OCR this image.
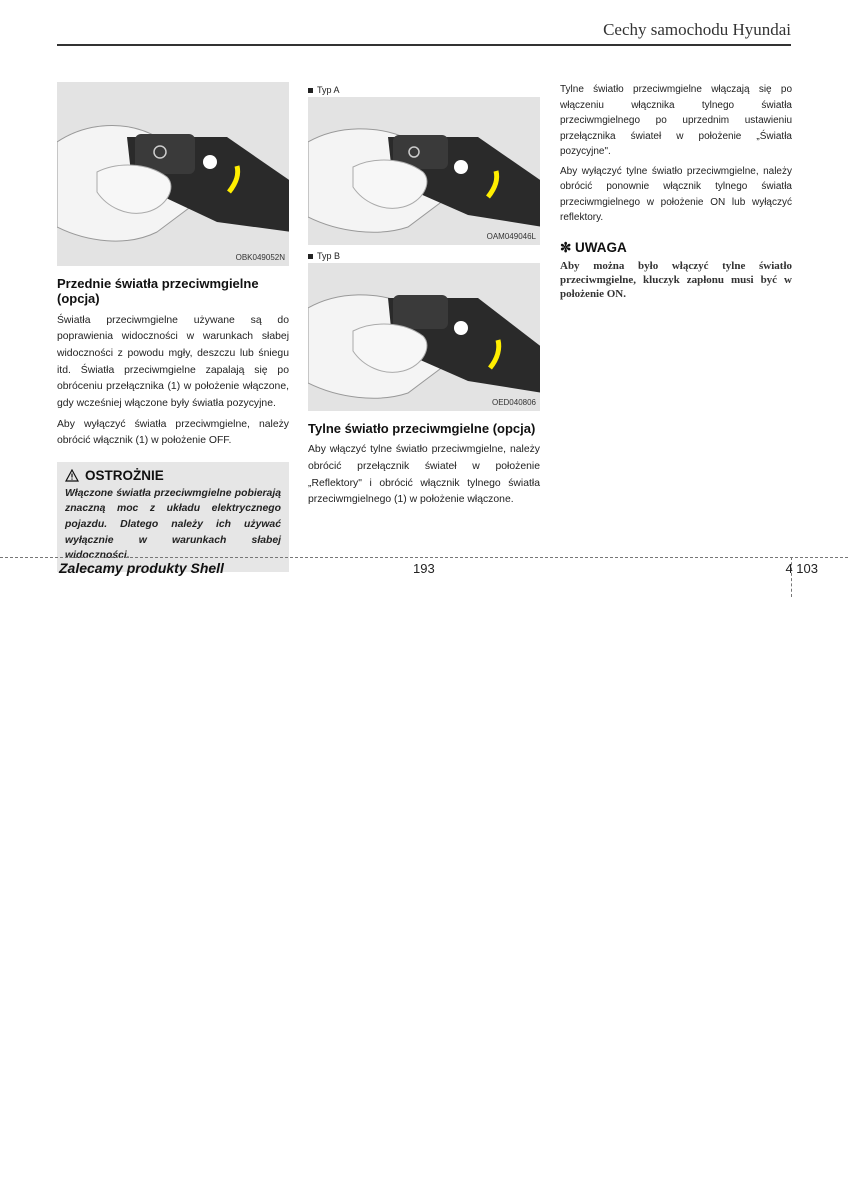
Cechy samochodu Hyundai
OBK049052N
Przednie światła przeciwmgielne (opcja)

Światła przeciwmgielne używane są do poprawienia widoczności w warunkach słabej widoczności z powodu mgły, deszczu lub śniegu itd. Światła przeciwmgielne zapalają się po obróceniu przełącznika (1) w położenie włączone, gdy wcześniej włączone były światła pozycyjne.

Aby wyłączyć światła przeciwmgielne, należy obrócić włącznik (1) w położenie OFF.

OSTROŻNIE
Włączone światła przeciwmgielne pobierają znaczną moc z układu elektrycznego pojazdu. Dlatego należy ich używać wyłącznie w warunkach słabej widoczności.
Typ A
OAM049046L
Typ B
OED040806
Tylne światło przeciwmgielne (opcja)

Aby włączyć tylne światło przeciwmgielne, należy obrócić przełącznik świateł w położenie „Reflektory" i obrócić włącznik tylnego światła przeciwmgielnego (1) w położenie włączone.

Tylne światło przeciwmgielne włączają się po włączeniu włącznika tylnego światła przeciwmgielnego po uprzednim ustawieniu przełącznika świateł w położenie „Światła pozycyjne".

Aby wyłączyć tylne światło przeciwmgielne, należy obrócić ponownie włącznik tylnego światła przeciwmgielnego w położenie ON lub wyłączyć reflektory.

✼ UWAGA
Aby można było włączyć tylne światło przeciwmgielne, kluczyk zapłonu musi być w położenie ON.
Zalecamy produkty Shell	193	4 103
